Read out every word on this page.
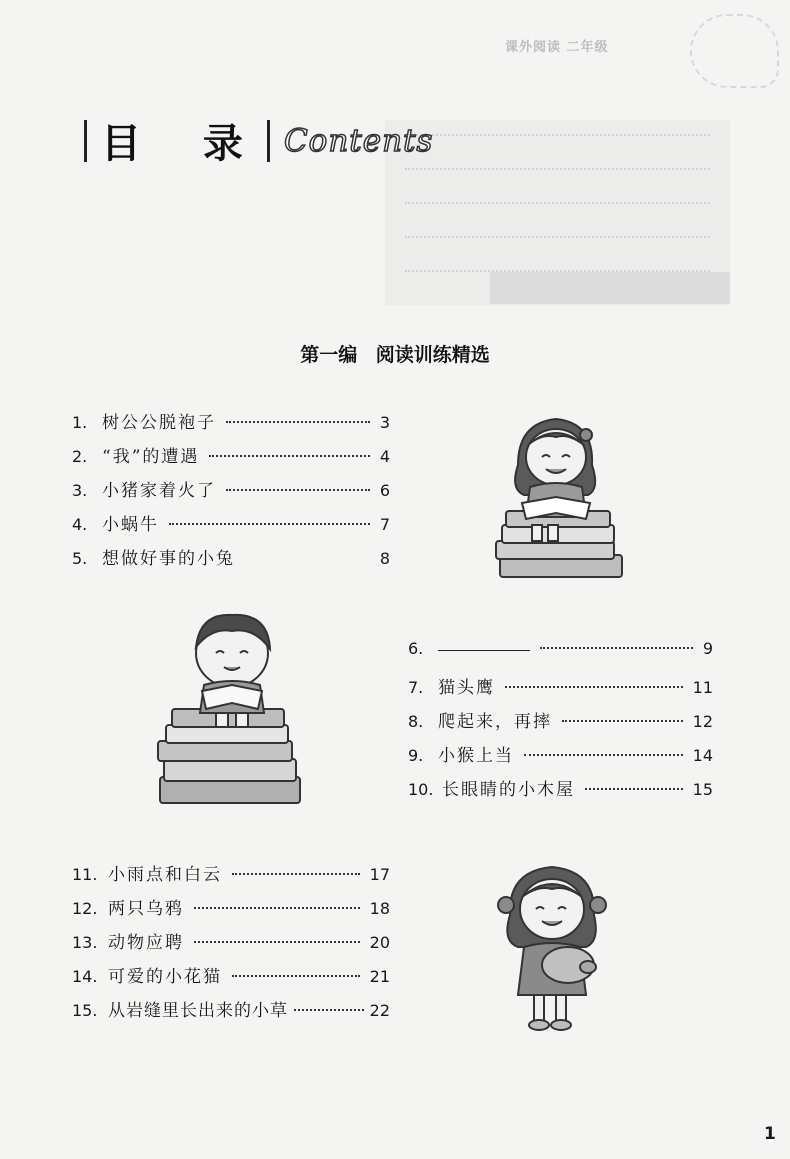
课外阅读 二年级
目 录 Contents
第一编 阅读训练精选
1. 树公公脱袍子	3
2. “我”的遭遇	4
3. 小猪家着火了	6
4. 小蜗牛	7
5. 想做好事的小兔	8
6.	9
7. 猫头鹰	11
8. 爬起来，再摔	12
9. 小猴上当	14
10. 长眼睛的小木屋	15
11. 小雨点和白云	17
12. 两只乌鸦	18
13. 动物应聘	20
14. 可爱的小花猫	21
15. 从岩缝里长出来的小草	22
1
